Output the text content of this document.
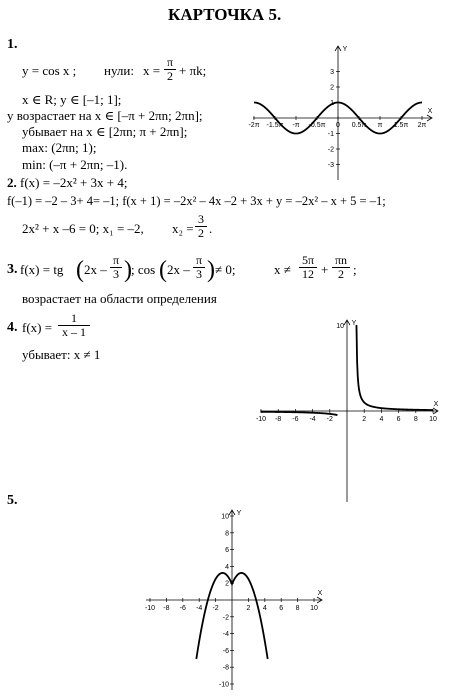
КАРТОЧКА 5.
1.
y = cos x ; нули: $x = \frac{\pi}{2} + \pi k$;
x ∈ R; y ∈ [–1; 1];
y возрастает на x ∈ [–π + 2πn; 2πn];
убывает на x ∈ [2πn; π + 2πn];
max: (2πn; 1);
min: (–π + 2πn; –1).
X
Y
-2π -1.5π -π -0.5π 0 0.5π π 1.5π 2π
3
2
1
-1
-2
-3
2. f(x) = –2x² + 3x + 4;
f(–1) = –2 – 3+ 4= –1; f(x + 1) = –2x² – 4x –2 + 3x + y = –2x² – x + 5 = –1;
2x² + x –6 = 0; x₁ = –2, $x_2 = \frac{3}{2}$ .
3. f(x) = tg ( $2x - \frac{\pi}{3}$ ) ; cos ( $2x - \frac{\pi}{3}$ ) ≠ 0;	$x \ne \frac{5\pi}{12} + \frac{\pi n}{2}$ ;
возрастает на области определения
4. $f(x) = \frac{1}{x - 1}$
убывает: x ≠ 1
X
Y
-10 -8 -6 -4 -2	2 4 6 8 10
10
5.
X
Y
-10 -8 -6 -4 -2	2 4 6 8 10
10
8
6
4
2
-2
-4
-6
-8
-10
